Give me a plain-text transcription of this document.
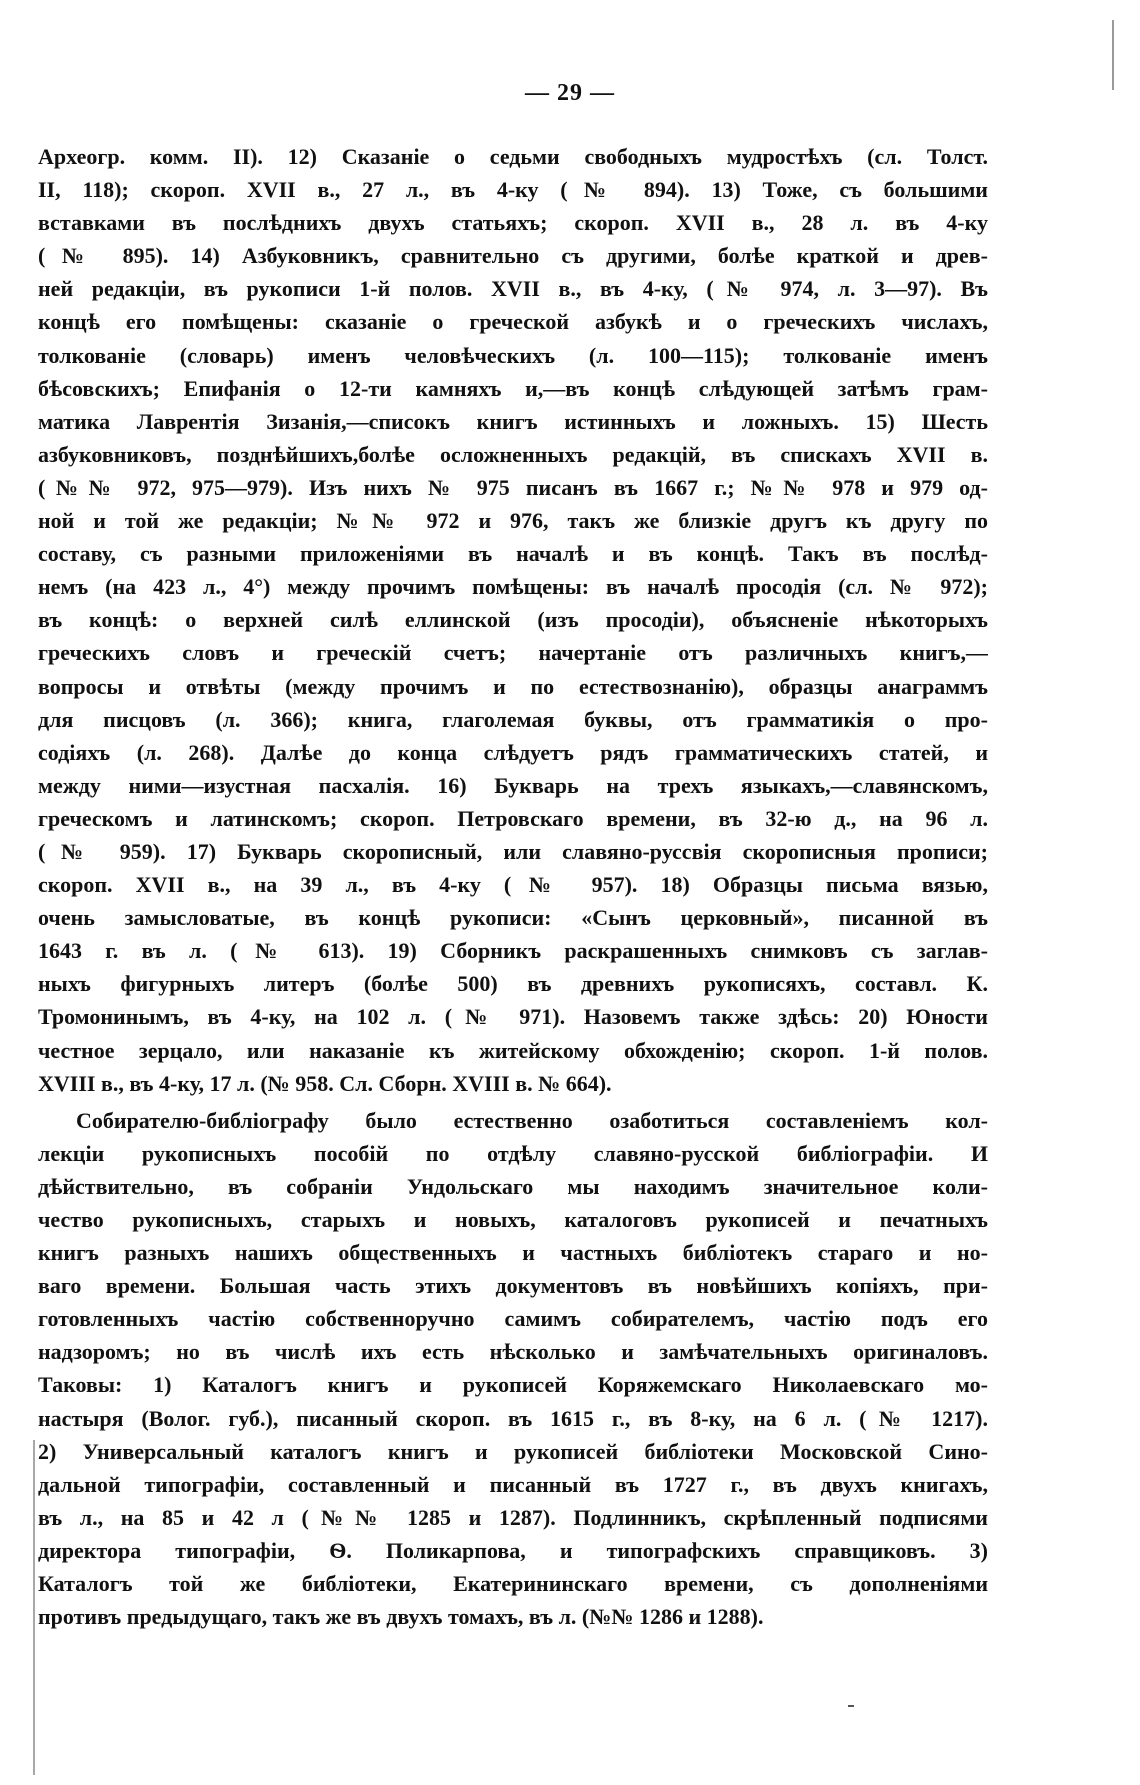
— 29 —
Археогр. комм. II). 12) Сказаніе о седьми свободныхъ мудростѣхъ (сл. Толст.
II, 118); скороп. XVII в., 27 л., въ 4-ку (№ 894). 13) Тоже, съ большими
вставками въ послѣднихъ двухъ статьяхъ; скороп. XVII в., 28 л. въ 4-ку
(№ 895). 14) Азбуковникъ, сравнительно съ другими, болѣе краткой и древ-
ней редакціи, въ рукописи 1-й полов. XVII в., въ 4-ку, (№ 974, л. 3—97). Въ
концѣ его помѣщены: сказаніе о греческой азбукѣ и о греческихъ числахъ,
толкованіе (словарь) именъ человѣческихъ (л. 100—115); толкованіе именъ
бѣсовскихъ; Епифанія о 12-ти камняхъ и,—въ концѣ слѣдующей затѣмъ грам-
матика Лаврентія Зизанія,—списокъ книгъ истинныхъ и ложныхъ. 15) Шесть
азбуковниковъ, позднѣйшихъ,болѣе осложненныхъ редакцій, въ спискахъ XVII в.
(№№ 972, 975—979). Изъ нихъ № 975 писанъ въ 1667 г.; №№ 978 и 979 од-
ной и той же редакціи; №№ 972 и 976, такъ же близкіе другъ къ другу по
составу, съ разными приложеніями въ началѣ и въ концѣ. Такъ въ послѣд-
немъ (на 423 л., 4°) между прочимъ помѣщены: въ началѣ просодія (сл. № 972);
въ концѣ: о верхней силѣ еллинской (изъ просодіи), объясненіе нѣкоторыхъ
греческихъ словъ и греческій счетъ; начертаніе отъ различныхъ книгъ,—
вопросы и отвѣты (между прочимъ и по естествознанію), образцы анаграммъ
для писцовъ (л. 366); книга, глаголемая буквы, отъ грамматикія о про-
содіяхъ (л. 268). Далѣе до конца слѣдуетъ рядъ грамматическихъ статей, и
между ними—изустная пасхалія. 16) Букварь на трехъ языкахъ,—славянскомъ,
греческомъ и латинскомъ; скороп. Петровскаго времени, въ 32-ю д., на 96 л.
(№ 959). 17) Букварь скорописный, или славяно-руссвія скорописныя прописи;
скороп. XVII в., на 39 л., въ 4-ку (№ 957). 18) Образцы письма вязью,
очень замысловатые, въ концѣ рукописи: «Сынъ церковный», писанной въ
1643 г. въ л. (№ 613). 19) Сборникъ раскрашенныхъ снимковъ съ заглав-
ныхъ фигурныхъ литеръ (болѣе 500) въ древнихъ рукописяхъ, составл. К.
Тромонинымъ, въ 4-ку, на 102 л. (№ 971). Назовемъ также здѣсь: 20) Юности
честное зерцало, или наказаніе къ житейскому обхожденію; скороп. 1-й полов.
XVIII в., въ 4-ку, 17 л. (№ 958. Сл. Сборн. XVIII в. № 664).
Собирателю-библіографу было естественно озаботиться составленіемъ кол-
лекціи рукописныхъ пособій по отдѣлу славяно-русской библіографіи. И
дѣйствительно, въ собраніи Ундольскаго мы находимъ значительное коли-
чество рукописныхъ, старыхъ и новыхъ, каталоговъ рукописей и печатныхъ
книгъ разныхъ нашихъ общественныхъ и частныхъ библіотекъ стараго и но-
ваго времени. Большая часть этихъ документовъ въ новѣйшихъ копіяхъ, при-
готовленныхъ частію собственноручно самимъ собирателемъ, частію подъ его
надзоромъ; но въ числѣ ихъ есть нѣсколько и замѣчательныхъ оригиналовъ.
Таковы: 1) Каталогъ книгъ и рукописей Коряжемскаго Николаевскаго мо-
настыря (Волог. губ.), писанный скороп. въ 1615 г., въ 8-ку, на 6 л. (№ 1217).
2) Универсальный каталогъ книгъ и рукописей библіотеки Московской Сино-
дальной типографіи, составленный и писанный въ 1727 г., въ двухъ книгахъ,
въ л., на 85 и 42 л (№№ 1285 и 1287). Подлинникъ, скрѣпленный подписями
директора типографіи, Ѳ. Поликарпова, и типографскихъ справщиковъ. 3)
Каталогъ той же библіотеки, Екатерининскаго времени, съ дополненіями
противъ предыдущаго, такъ же въ двухъ томахъ, въ л. (№№ 1286 и 1288).
